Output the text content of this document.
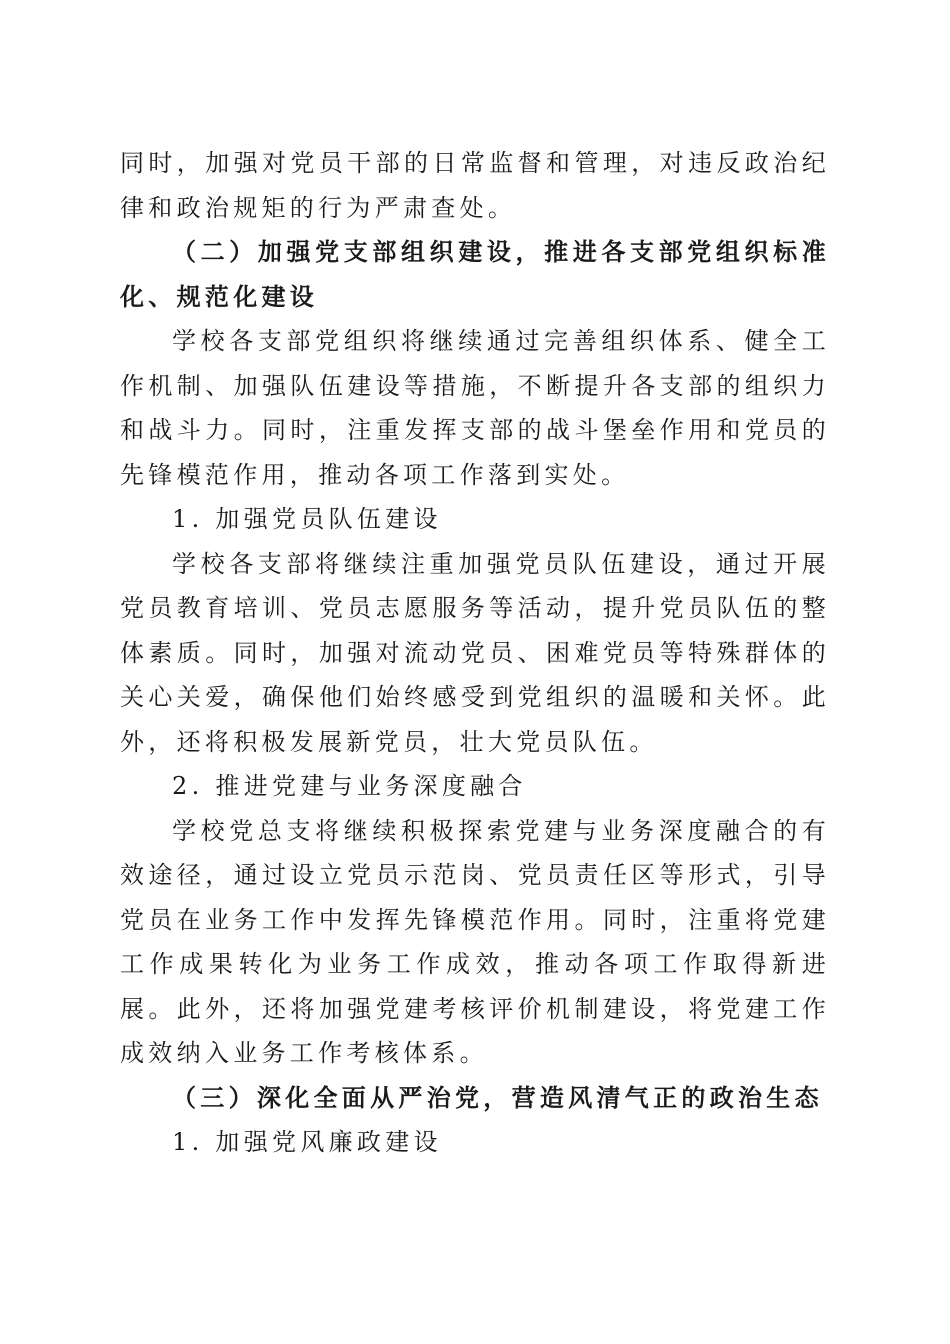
同时，加强对党员干部的日常监督和管理，对违反政治纪律和政治规矩的行为严肃查处。

（二）加强党支部组织建设，推进各支部党组织标准化、规范化建设

学校各支部党组织将继续通过完善组织体系、健全工作机制、加强队伍建设等措施，不断提升各支部的组织力和战斗力。同时，注重发挥支部的战斗堡垒作用和党员的先锋模范作用，推动各项工作落到实处。

1. 加强党员队伍建设

学校各支部将继续注重加强党员队伍建设，通过开展党员教育培训、党员志愿服务等活动，提升党员队伍的整体素质。同时，加强对流动党员、困难党员等特殊群体的关心关爱，确保他们始终感受到党组织的温暖和关怀。此外，还将积极发展新党员，壮大党员队伍。

2. 推进党建与业务深度融合

学校党总支将继续积极探索党建与业务深度融合的有效途径，通过设立党员示范岗、党员责任区等形式，引导党员在业务工作中发挥先锋模范作用。同时，注重将党建工作成果转化为业务工作成效，推动各项工作取得新进展。此外，还将加强党建考核评价机制建设，将党建工作成效纳入业务工作考核体系。

（三）深化全面从严治党，营造风清气正的政治生态

1. 加强党风廉政建设
